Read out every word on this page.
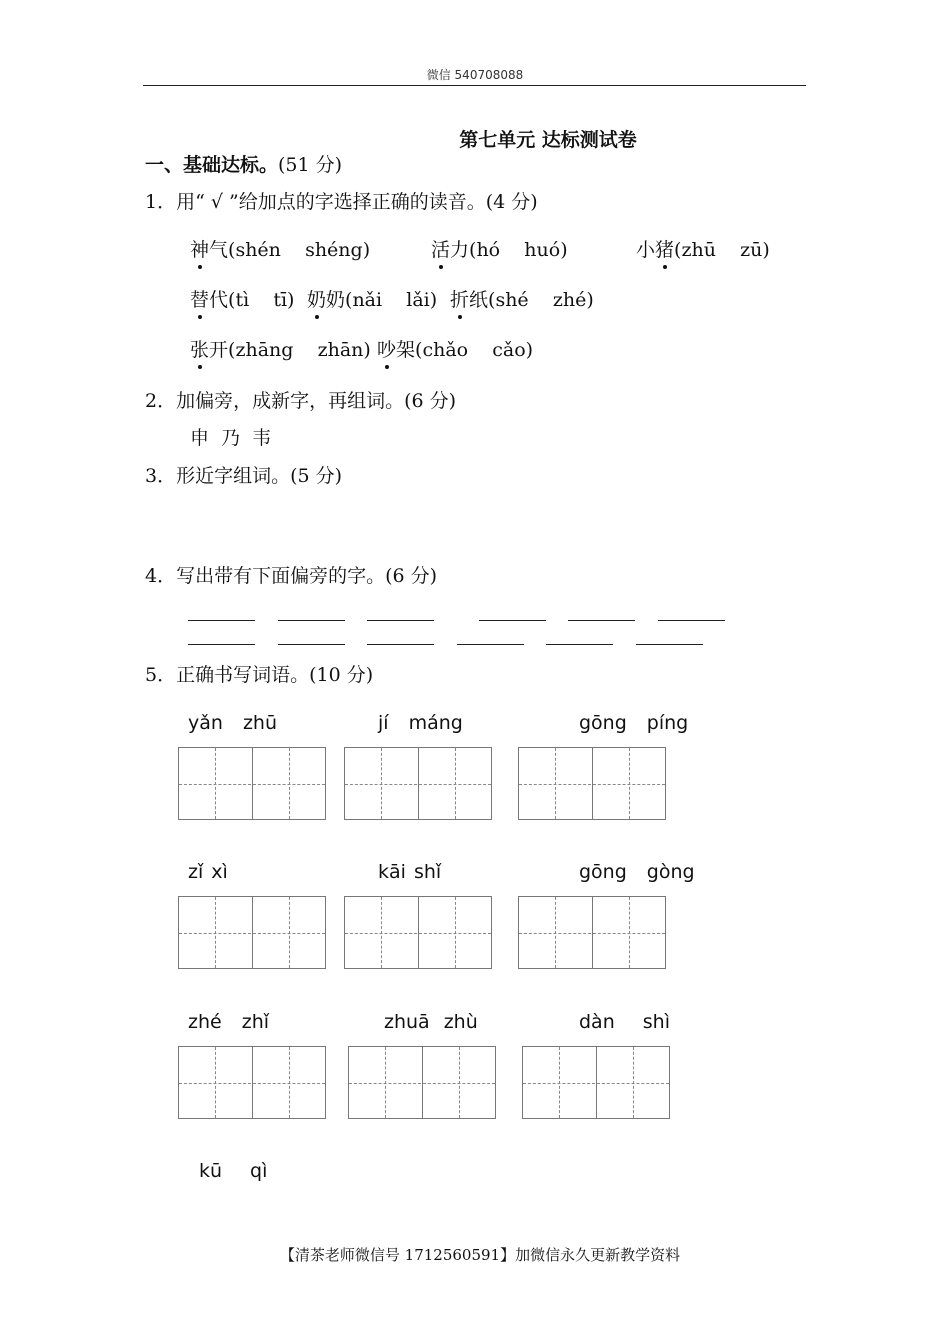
微信 540708088
第七单元 达标测试卷
一、基础达标。(51 分)
1．用“ √ ”给加点的字选择正确的读音。(4 分)
神气(shén    shéng)	活力(hó    huó)	小猪(zhū    zū)
替代(tì    tī) 奶奶(nǎi    lǎi) 折纸(shé    zhé)
张开(zhāng    zhān) 吵架(chǎo    cǎo)
2．加偏旁，成新字，再组词。(6 分)
申  乃  韦
3．形近字组词。(5 分)
4．写出带有下面偏旁的字。(6 分)
5．正确书写词语。(10 分)
yǎn zhū	jí máng	gōng píng
zǐ xì	kāi shǐ	gōng gòng
zhé zhǐ	zhuā zhù	dàn shì
kū qì
【清茶老师微信号 1712560591】加微信永久更新教学资料
